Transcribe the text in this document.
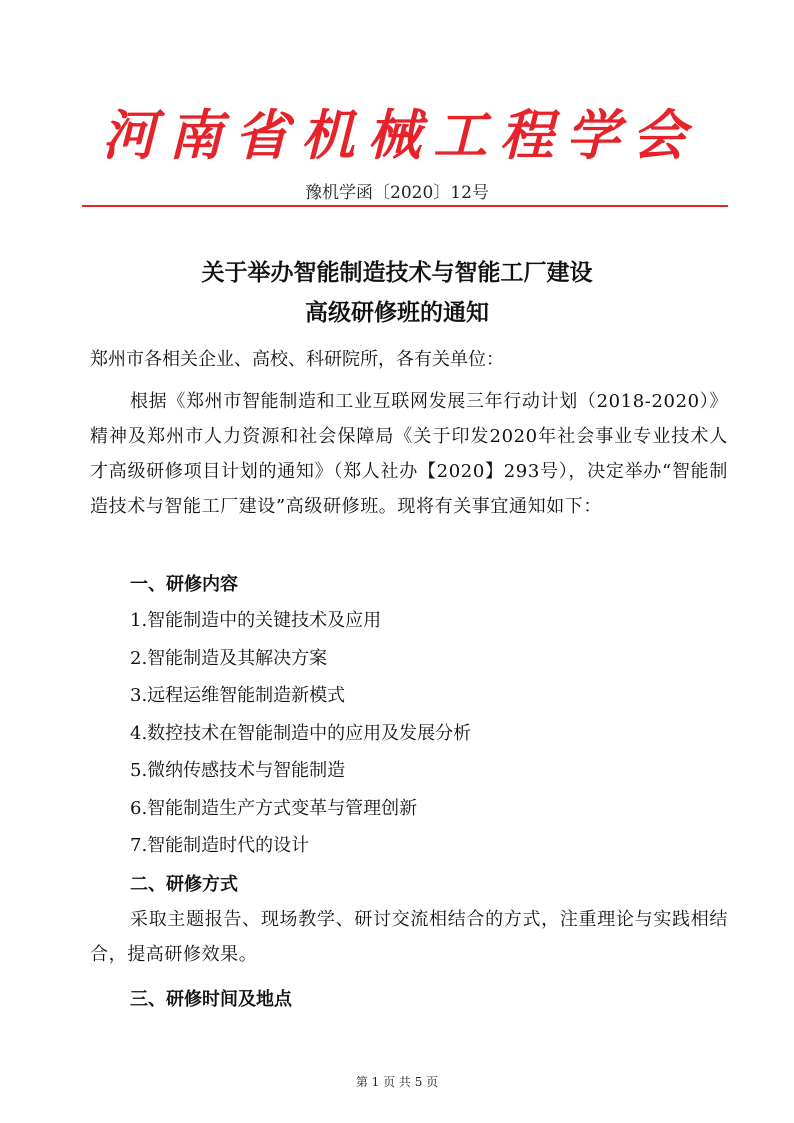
河 南 省 机 械 工 程 学 会
豫机学函〔2020〕12号
关于举办智能制造技术与智能工厂建设
高级研修班的通知
郑州市各相关企业、高校、科研院所，各有关单位：
根据《郑州市智能制造和工业互联网发展三年行动计划（2018-2020）》精神及郑州市人力资源和社会保障局《关于印发2020年社会事业专业技术人才高级研修项目计划的通知》（郑人社办【2020】293号），决定举办“智能制造技术与智能工厂建设”高级研修班。现将有关事宜通知如下：
一、研修内容
1.智能制造中的关键技术及应用
2.智能制造及其解决方案
3.远程运维智能制造新模式
4.数控技术在智能制造中的应用及发展分析
5.微纳传感技术与智能制造
6.智能制造生产方式变革与管理创新
7.智能制造时代的设计
二、研修方式
采取主题报告、现场教学、研讨交流相结合的方式，注重理论与实践相结合，提高研修效果。
三、研修时间及地点
第 1 页 共 5 页
